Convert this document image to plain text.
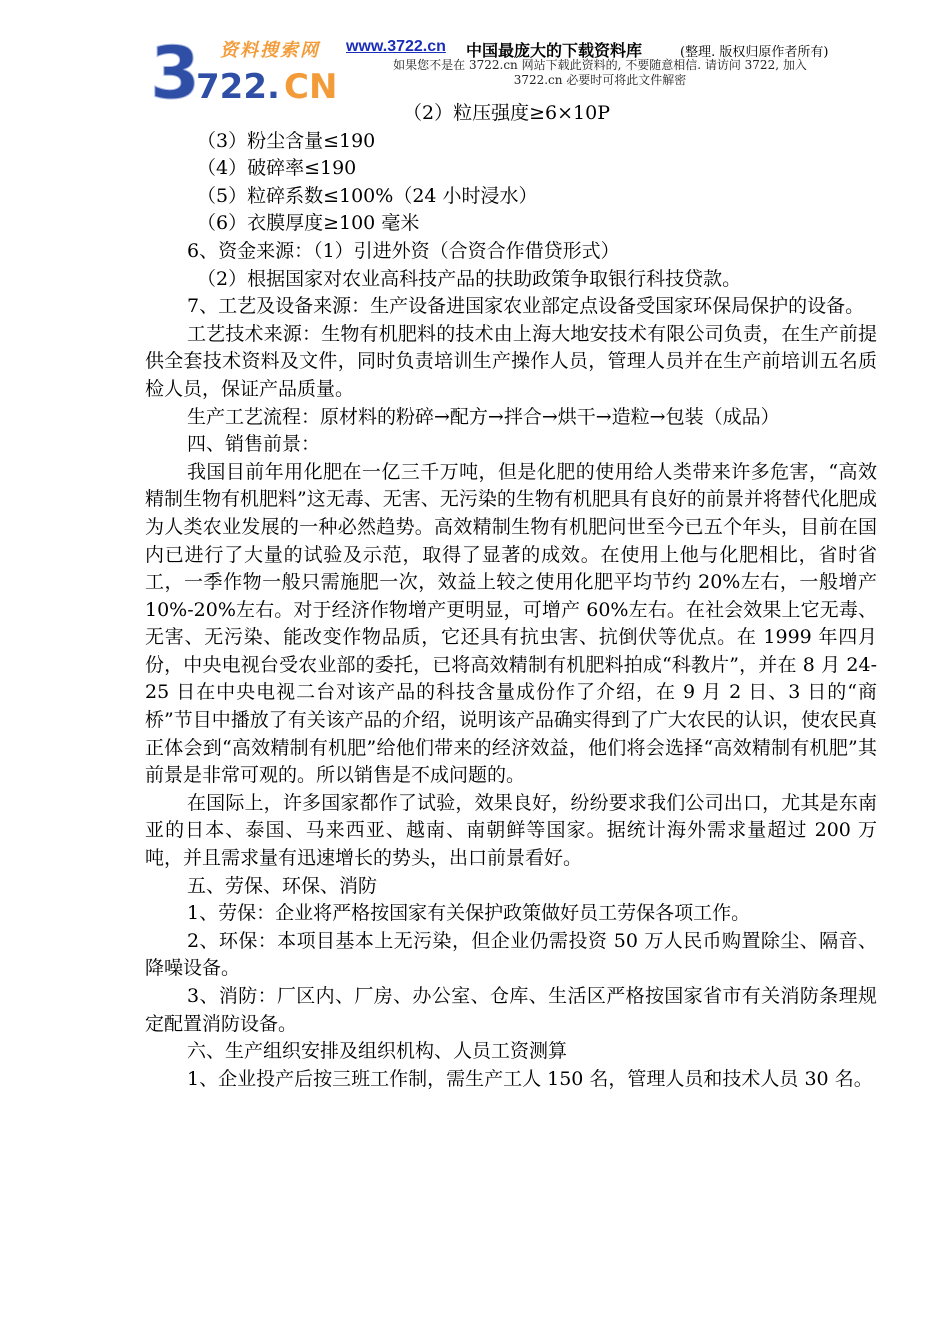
3
722. CN
资料搜索网 www.3722.cn 中国最庞大的下载资料库	(整理. 版权归原作者所有)
如果您不是在 3722.cn 网站下载此资料的, 不要随意相信. 请访问 3722, 加入
3722.cn 必要时可将此文件解密

（2）粒压强度≥6×10P

（3）粉尘含量≤190

（4）破碎率≤190

（5）粒碎系数≤100%（24 小时浸水）

（6）衣膜厚度≥100 毫米

6、资金来源：（1）引进外资（合资合作借贷形式）

（2）根据国家对农业高科技产品的扶助政策争取银行科技贷款。

7、工艺及设备来源：生产设备进国家农业部定点设备受国家环保局保护的设备。

工艺技术来源：生物有机肥料的技术由上海大地安技术有限公司负责，在生产前提供全套技术资料及文件，同时负责培训生产操作人员，管理人员并在生产前培训五名质检人员，保证产品质量。

生产工艺流程：原材料的粉碎→配方→拌合→烘干→造粒→包装（成品）

四、销售前景：

我国目前年用化肥在一亿三千万吨，但是化肥的使用给人类带来许多危害，“高效精制生物有机肥料”这无毒、无害、无污染的生物有机肥具有良好的前景并将替代化肥成为人类农业发展的一种必然趋势。高效精制生物有机肥问世至今已五个年头，目前在国内已进行了大量的试验及示范，取得了显著的成效。在使用上他与化肥相比，省时省工，一季作物一般只需施肥一次，效益上较之使用化肥平均节约 20%左右，一般增产 10%-20%左右。对于经济作物增产更明显，可增产 60%左右。在社会效果上它无毒、无害、无污染、能改变作物品质，它还具有抗虫害、抗倒伏等优点。在 1999 年四月份，中央电视台受农业部的委托，已将高效精制有机肥料拍成“科教片”，并在 8 月 24-25 日在中央电视二台对该产品的科技含量成份作了介绍，在 9 月 2 日、3 日的“商桥”节目中播放了有关该产品的介绍，说明该产品确实得到了广大农民的认识，使农民真正体会到“高效精制有机肥”给他们带来的经济效益，他们将会选择“高效精制有机肥”其前景是非常可观的。所以销售是不成问题的。

在国际上，许多国家都作了试验，效果良好，纷纷要求我们公司出口，尤其是东南亚的日本、泰国、马来西亚、越南、南朝鲜等国家。据统计海外需求量超过 200 万吨，并且需求量有迅速增长的势头，出口前景看好。

五、劳保、环保、消防

1、劳保：企业将严格按国家有关保护政策做好员工劳保各项工作。

2、环保：本项目基本上无污染，但企业仍需投资 50 万人民币购置除尘、隔音、降噪设备。

3、消防：厂区内、厂房、办公室、仓库、生活区严格按国家省市有关消防条理规定配置消防设备。

六、生产组织安排及组织机构、人员工资测算

1、企业投产后按三班工作制，需生产工人 150 名，管理人员和技术人员 30 名。
